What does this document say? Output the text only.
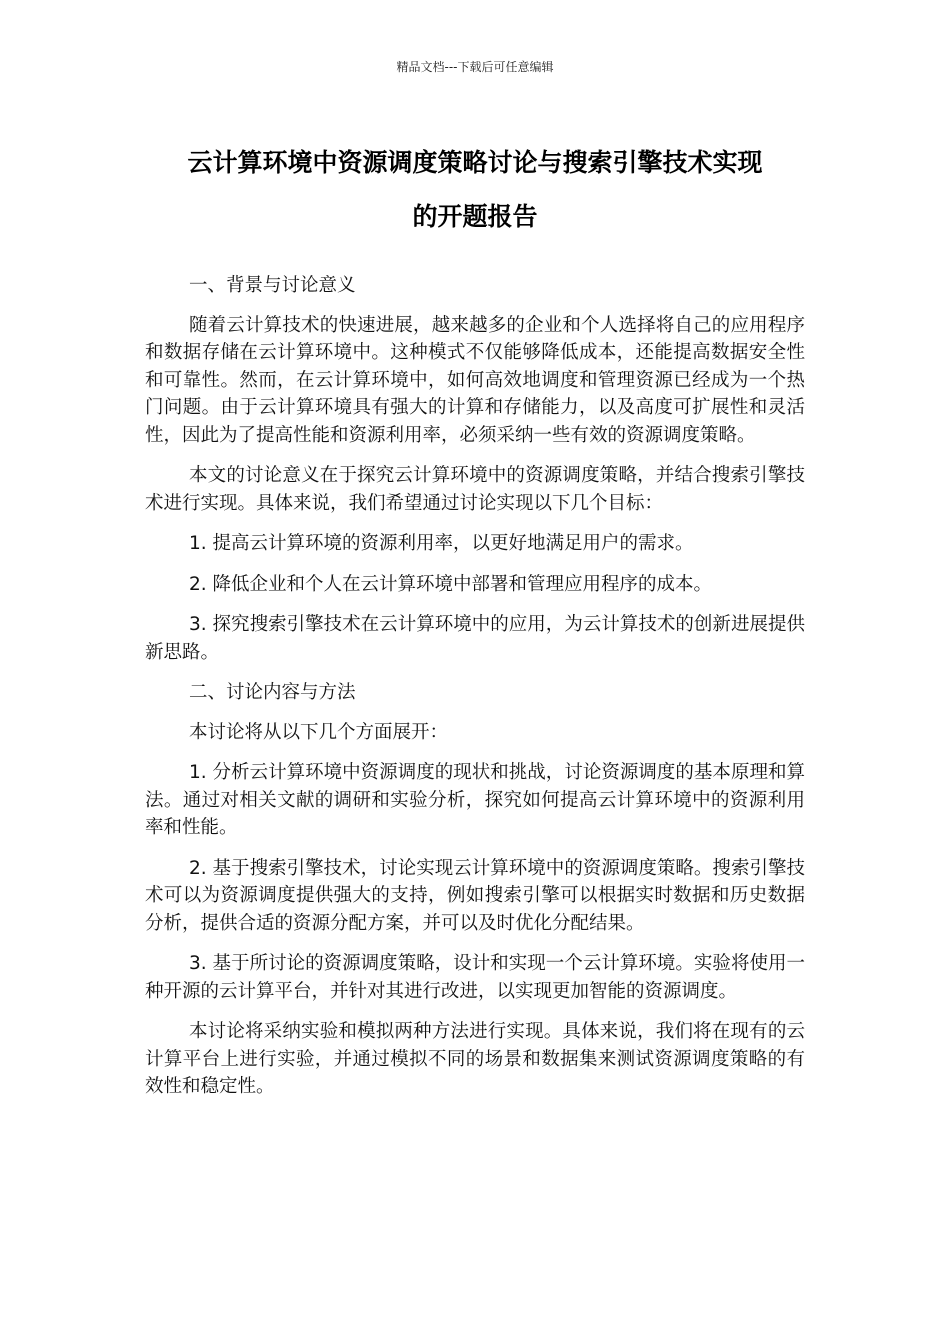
精品文档---下载后可任意编辑
云计算环境中资源调度策略讨论与搜索引擎技术实现
的开题报告

一、背景与讨论意义

随着云计算技术的快速进展，越来越多的企业和个人选择将自己的应用程序和数据存储在云计算环境中。这种模式不仅能够降低成本，还能提高数据安全性和可靠性。然而，在云计算环境中，如何高效地调度和管理资源已经成为一个热门问题。由于云计算环境具有强大的计算和存储能力，以及高度可扩展性和灵活性，因此为了提高性能和资源利用率，必须采纳一些有效的资源调度策略。

本文的讨论意义在于探究云计算环境中的资源调度策略，并结合搜索引擎技术进行实现。具体来说，我们希望通过讨论实现以下几个目标：

1. 提高云计算环境的资源利用率，以更好地满足用户的需求。

2. 降低企业和个人在云计算环境中部署和管理应用程序的成本。

3. 探究搜索引擎技术在云计算环境中的应用，为云计算技术的创新进展提供新思路。

二、讨论内容与方法

本讨论将从以下几个方面展开：

1. 分析云计算环境中资源调度的现状和挑战，讨论资源调度的基本原理和算法。通过对相关文献的调研和实验分析，探究如何提高云计算环境中的资源利用率和性能。

2. 基于搜索引擎技术，讨论实现云计算环境中的资源调度策略。搜索引擎技术可以为资源调度提供强大的支持，例如搜索引擎可以根据实时数据和历史数据分析，提供合适的资源分配方案，并可以及时优化分配结果。

3. 基于所讨论的资源调度策略，设计和实现一个云计算环境。实验将使用一种开源的云计算平台，并针对其进行改进，以实现更加智能的资源调度。

本讨论将采纳实验和模拟两种方法进行实现。具体来说，我们将在现有的云计算平台上进行实验，并通过模拟不同的场景和数据集来测试资源调度策略的有效性和稳定性。
